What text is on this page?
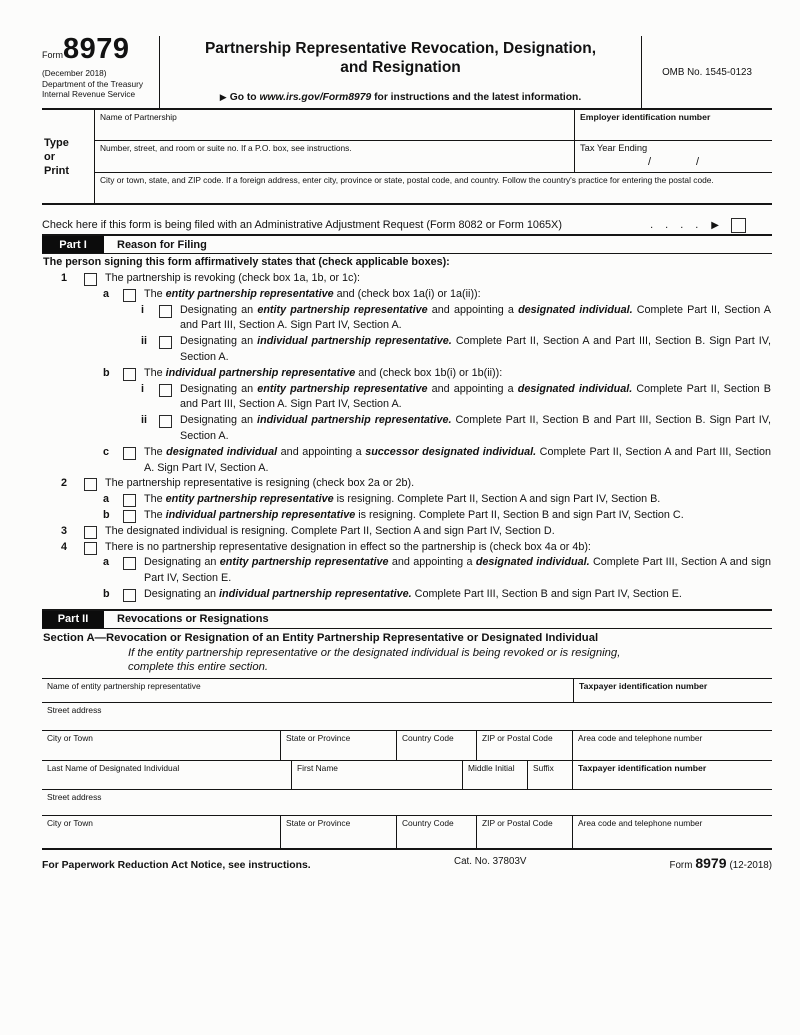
Form8979
(December 2018)
Department of the Treasury
Internal Revenue Service
Partnership Representative Revocation, Designation,
and Resignation
▶ Go to www.irs.gov/Form8979 for instructions and the latest information.
OMB No. 1545-0123
Type
or
Print
Name of Partnership	Employer identification number
Number, street, and room or suite no. If a P.O. box, see instructions.	Tax Year Ending
/	/
City or town, state, and ZIP code. If a foreign address, enter city, province or state, postal code, and country. Follow the country's practice for entering the postal code.
Check here if this form is being filed with an Administrative Adjustment Request (Form 8082 or Form 1065X)	. . . . ▶
Part I	Reason for Filing
The person signing this form affirmatively states that (check applicable boxes):
1	The partnership is revoking (check box 1a, 1b, or 1c):
a	The entity partnership representative and (check box 1a(i) or 1a(ii)):
i	Designating an entity partnership representative and appointing a designated individual. Complete Part II, Section A and Part III, Section A. Sign Part IV, Section A.
ii	Designating an individual partnership representative. Complete Part II, Section A and Part III, Section B. Sign Part IV, Section A.
b	The individual partnership representative and (check box 1b(i) or 1b(ii)):
i	Designating an entity partnership representative and appointing a designated individual. Complete Part II, Section B and Part III, Section A. Sign Part IV, Section A.
ii	Designating an individual partnership representative. Complete Part II, Section B and Part III, Section B. Sign Part IV, Section A.
c	The designated individual and appointing a successor designated individual. Complete Part II, Section A and Part III, Section A. Sign Part IV, Section A.
2	The partnership representative is resigning (check box 2a or 2b).
a	The entity partnership representative is resigning. Complete Part II, Section A and sign Part IV, Section B.
b	The individual partnership representative is resigning. Complete Part II, Section B and sign Part IV, Section C.
3	The designated individual is resigning. Complete Part II, Section A and sign Part IV, Section D.
4	There is no partnership representative designation in effect so the partnership is (check box 4a or 4b):
a	Designating an entity partnership representative and appointing a designated individual. Complete Part III, Section A and sign Part IV, Section E.
b	Designating an individual partnership representative. Complete Part III, Section B and sign Part IV, Section E.
Part II	Revocations or Resignations
Section A—Revocation or Resignation of an Entity Partnership Representative or Designated Individual
If the entity partnership representative or the designated individual is being revoked or is resigning,
complete this entire section.
Name of entity partnership representative	Taxpayer identification number
Street address
City or Town	State or Province	Country Code	ZIP or Postal Code	Area code and telephone number
Last Name of Designated Individual	First Name	Middle Initial	Suffix	Taxpayer identification number
Street address
City or Town	State or Province	Country Code	ZIP or Postal Code	Area code and telephone number
For Paperwork Reduction Act Notice, see instructions.	Cat. No. 37803V	Form 8979 (12-2018)
